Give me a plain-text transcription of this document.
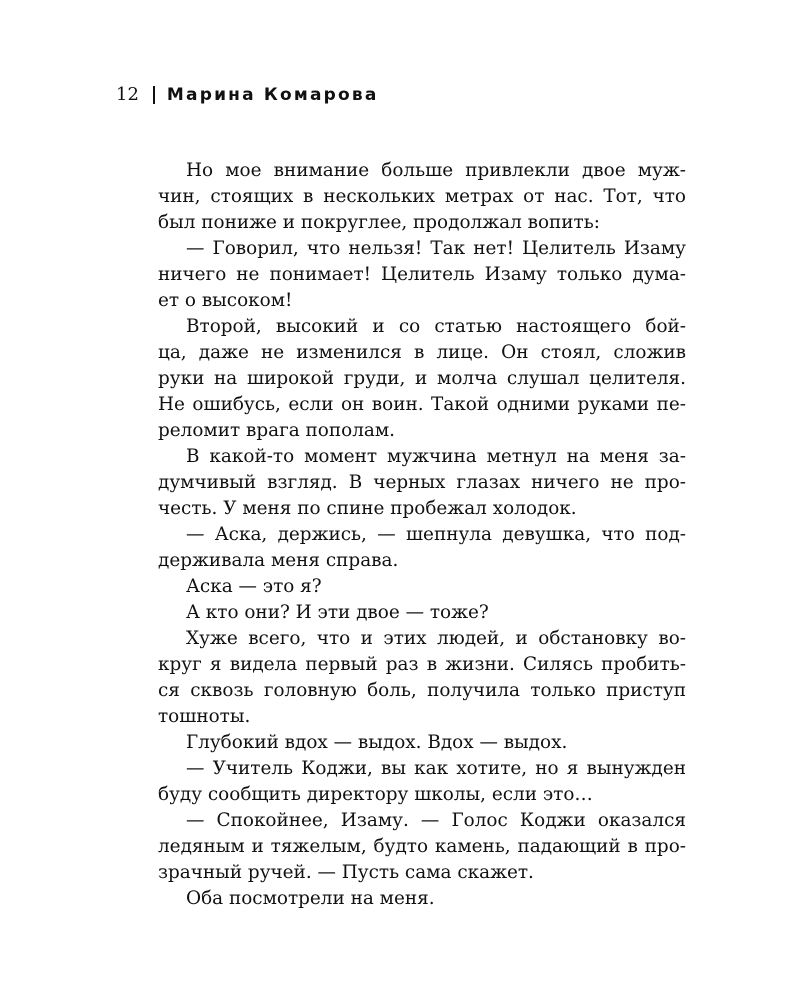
12 Марина Комарова
Но мое внимание больше привлекли двое муж-
чин, стоящих в нескольких метрах от нас. Тот, что
был пониже и покруглее, продолжал вопить:
— Говорил, что нельзя! Так нет! Целитель Изаму
ничего не понимает! Целитель Изаму только дума-
ет о высоком!
Второй, высокий и со статью настоящего бой-
ца, даже не изменился в лице. Он стоял, сложив
руки на широкой груди, и молча слушал целителя.
Не ошибусь, если он воин. Такой одними руками пе-
реломит врага пополам.
В какой-то момент мужчина метнул на меня за-
думчивый взгляд. В черных глазах ничего не про-
честь. У меня по спине пробежал холодок.
— Аска, держись, — шепнула девушка, что под-
держивала меня справа.
Аска — это я?
А кто они? И эти двое — тоже?
Хуже всего, что и этих людей, и обстановку во-
круг я видела первый раз в жизни. Силясь пробить-
ся сквозь головную боль, получила только приступ
тошноты.
Глубокий вдох — выдох. Вдох — выдох.
— Учитель Коджи, вы как хотите, но я вынужден
буду сообщить директору школы, если это…
— Спокойнее, Изаму. — Голос Коджи оказался
ледяным и тяжелым, будто камень, падающий в про-
зрачный ручей. — Пусть сама скажет.
Оба посмотрели на меня.
